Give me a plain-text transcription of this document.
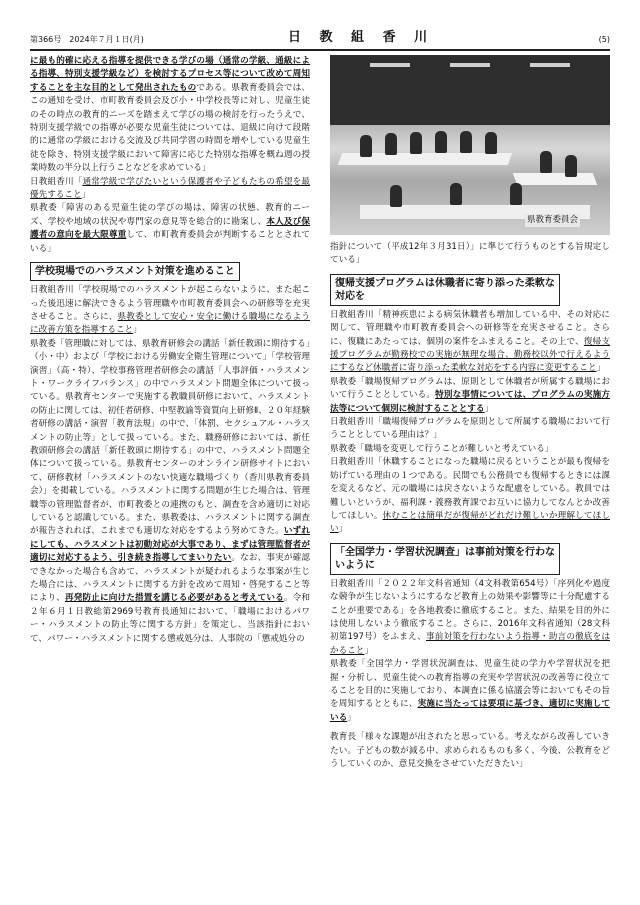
第366号　2024年７月１日(月)	日 教 組 香 川	(5)

に最も的確に応える指導を提供できる学びの場（通常の学級、通級による指導、特別支援学級など）を検討するプロセス等について改めて周知することを主な目的として発出されたものである。県教育委員会では、この通知を受け、市町教育委員会及び小・中学校長等に対し、児童生徒のその時点の教育的ニーズを踏まえて学びの場の検討を行ったうえで、特別支援学級での指導が必要な児童生徒については、退級に向けて段階的に通常の学級における交流及び共同学習の時間を増やしている児童生徒を除き、特別支援学級において障害に応じた特別な指導を概ね週の授業時数の半分以上行うことなどを求めている」

日教組香川「通常学級で学びたいという保護者や子どもたちの希望を最優先すること」

県教委「障害のある児童生徒の学びの場は、障害の状態、教育的ニーズ、学校や地域の状況や専門家の意見等を総合的に勘案し、本人及び保護者の意向を最大限尊重して、市町教育委員会が判断することとされている」

学校現場でのハラスメント対策を進めること

日教組香川「学校現場でのハラスメントが起こらないように、また起こった後迅速に解決できるよう管理職や市町教育委員会への研修等を充実させること。さらに、県教委として安心・安全に働ける職場になるように改善方策を指導すること」

県教委「管理職に対しては、県教育研修会の講話「新任教頭に期待する」（小・中）および「学校における労働安全衛生管理について」「学校管理演習」（高・特）、学校事務管理者研修会の講話「人事評価・ハラスメント・ワークライフバランス」の中でハラスメント問題全体について扱っている。県教育センターで実施する教職員研修において、ハラスメントの防止に関しては、初任者研修、中堅教諭等資質向上研修Ⅱ、２０年経験者研修の講話・演習「教育法規」の中で、「体罰、セクシュアル・ハラスメントの防止等」として扱っている。また、職務研修においては、新任教頭研修会の講話「新任教頭に期待する」の中で、ハラスメント問題全体について扱っている。県教育センターのオンライン研修サイトにおいて、研修教材「ハラスメントのない快適な職場づくり（香川県教育委員会）」を掲載している。ハラスメントに関する問題が生じた場合は、管理職等の管理監督者が、市町教委との連携のもと、調査を含め適切に対応していると認識している。また、県教委は、ハラスメントに関する調査が報告されれば、これまでも適切な対応をするよう努めてきた。いずれにしても、ハラスメントは初動対応が大事であり、まずは管理監督者が適切に対応するよう、引き続き指導してまいりたい。なお、事実が確認できなかった場合も含めて、ハラスメントが疑われるような事案が生じた場合には、ハラスメントに関する方針を改めて周知・啓発すること等により、再発防止に向けた措置を講じる必要があると考えている。令和２年６月１日教総第2969号教育長通知において、「職場におけるパワー・ハラスメントの防止等に関する方針」を策定し、当該指針において、パワー・ハラスメントに関する懲戒処分は、人事院の「懲戒処分の

県教育委員会

指針について（平成12年３月31日）」に準じて行うものとする旨規定している」

復帰支援プログラムは休職者に寄り添った柔軟な
対応を

日教組香川「精神疾患による病気休職者も増加している中、その対応に関して、管理職や市町教育委員会への研修等を充実させること。さらに、復職にあたっては、個別の案件をふまえること。その上で、復帰支援プログラムが勤務校での実施が無理な場合、勤務校以外で行えるようにするなど休職者に寄り添った柔軟な対応をする内容に変更すること」

県教委「職場復帰プログラムは、原則として休職者が所属する職場において行うこととしている。特別な事情については、プログラムの実施方法等について個別に検討することとする」

日教組香川「職場復帰プログラムを原則として所属する職場において行うこととしている理由は？」

県教委「職場を変更して行うことが難しいと考えている」

日教組香川「休職することになった職場に戻るということが最も復帰を妨げている理由の１つである。民間でも公務員でも復帰するときには課を変えるなど、元の職場には戻さないような配慮をしている。教員では難しいというが、福利課・義務教育課でお互いに協力してなんとか改善してほしい。休むことは簡単だが復帰がどれだけ難しいか理解してほしい」

「全国学力・学習状況調査」は事前対策を行わな
いように

日教組香川「２０２２年文科省通知（4文科教第654号）「序列化や過度な競争が生じないようにするなど教育上の効果や影響等に十分配慮することが重要である」を各地教委に徹底すること。また、結果を目的外には使用しないよう徹底すること。さらに、2016年文科省通知（28文科初第197号）をふまえ、事前対策を行わないよう指導・助言の徹底をはかること」

県教委「全国学力・学習状況調査は、児童生徒の学力や学習状況を把握・分析し、児童生徒への教育指導の充実や学習状況の改善等に役立てることを目的に実施しており、本調査に係る協議会等においてもその旨を周知するとともに、実施に当たっては要項に基づき、適切に実施している」

教育長「様々な課題が出されたと思っている。考えながら改善していきたい。子どもの数が減る中、求められるものも多く、今後、公教育をどうしていくのか、意見交換をさせていただきたい」
